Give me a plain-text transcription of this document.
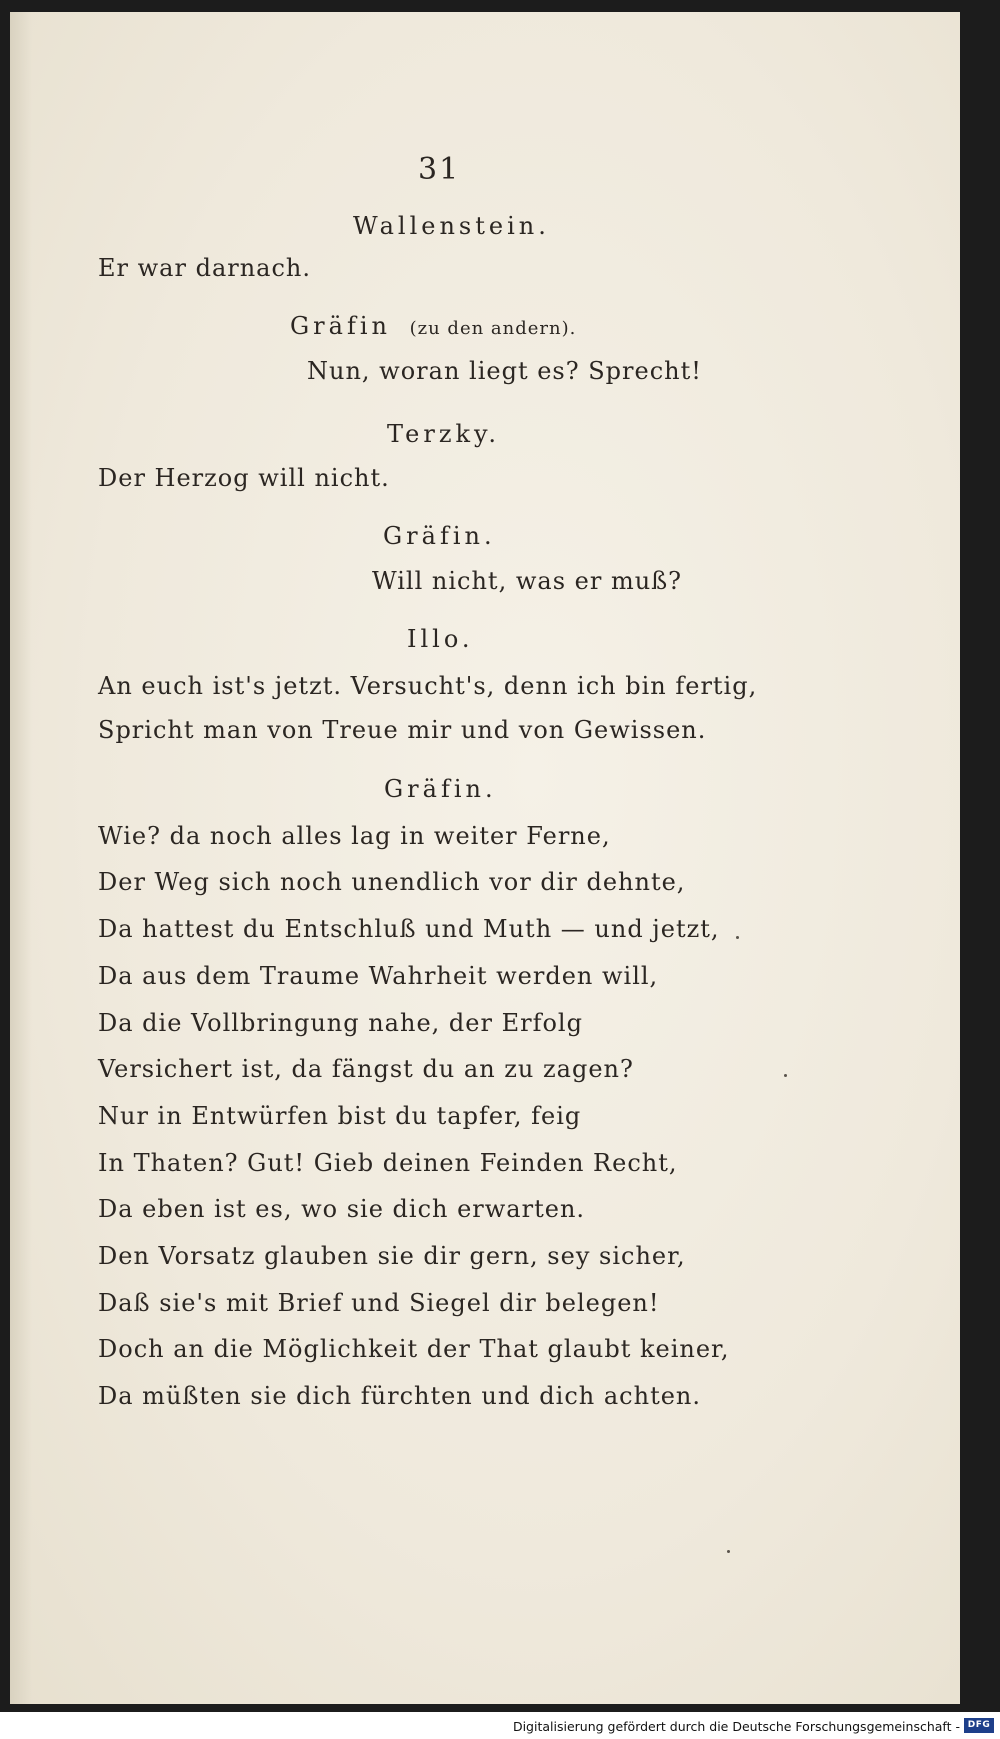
31
Wallenstein.
Er war darnach.
Gräfin (zu den andern).
Nun, woran liegt es? Sprecht!
Terzky.
Der Herzog will nicht.
Gräfin.
Will nicht, was er muß?
Illo.
An euch ist's jetzt. Versucht's, denn ich bin fertig,
Spricht man von Treue mir und von Gewissen.
Gräfin.
Wie? da noch alles lag in weiter Ferne,
Der Weg sich noch unendlich vor dir dehnte,
Da hattest du Entschluß und Muth — und jetzt,
Da aus dem Traume Wahrheit werden will,
Da die Vollbringung nahe, der Erfolg
Versichert ist, da fängst du an zu zagen?
Nur in Entwürfen bist du tapfer, feig
In Thaten? Gut! Gieb deinen Feinden Recht,
Da eben ist es, wo sie dich erwarten.
Den Vorsatz glauben sie dir gern, sey sicher,
Daß sie's mit Brief und Siegel dir belegen!
Doch an die Möglichkeit der That glaubt keiner,
Da müßten sie dich fürchten und dich achten.
Digitalisierung gefördert durch die Deutsche Forschungsgemeinschaft - DFG
